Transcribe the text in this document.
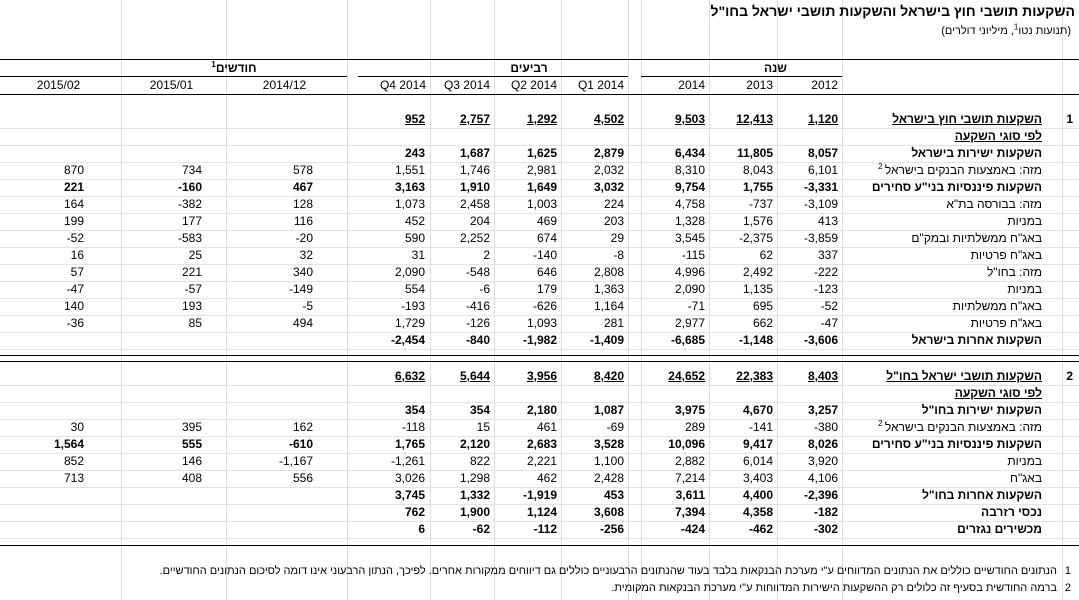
השקעות תושבי חוץ בישראל והשקעות תושבי ישראל בחו"ל
(תנועות נטו$^1$, מיליוני דולרים)
חודשים$^1$	רביעים	שנה
2012
2013
2014
Q1 2014
Q2 2014
Q3 2014
Q4 2014
2014/12
2015/01
2015/02
1
השקעות תושבי חוץ בישראל
1,120
12,413
9,503
4,502
1,292
2,757
952
לפי סוגי השקעה
השקעות ישירות בישראל
8,057
11,805
6,434
2,879
1,625
1,687
243
מזה: באמצעות הבנקים בישראל $^2$
6,101
8,043
8,310
2,032
2,981
1,746
1,551
578
734
870
השקעות פיננסיות בני"ע סחירים
-3,331
1,755
9,754
3,032
1,649
1,910
3,163
467
-160
221
מזה: בבורסה בת"א
-3,109
-737
4,758
224
1,003
2,458
1,073
128
-382
164
במניות
413
1,576
1,328
203
469
204
452
116
177
199
באג"ח ממשלתיות ובמק"ם
-3,859
-2,375
3,545
29
674
2,252
590
-20
-583
-52
באג"ח פרטיות
337
62
-115
-8
-140
2
31
32
25
16
מזה: בחו"ל
-222
2,492
4,996
2,808
646
-548
2,090
340
221
57
במניות
-123
1,135
2,090
1,363
179
-6
554
-149
-57
-47
באג"ח ממשלתיות
-52
695
-71
1,164
-626
-416
-193
-5
193
140
באג"ח פרטיות
-47
662
2,977
281
1,093
-126
1,729
494
85
-36
השקעות אחרות בישראל
-3,606
-1,148
-6,685
-1,409
-1,982
-840
-2,454
2
השקעות תושבי ישראל בחו"ל
8,403
22,383
24,652
8,420
3,956
5,644
6,632
לפי סוגי השקעה
השקעות ישירות בחו"ל
3,257
4,670
3,975
1,087
2,180
354
354
מזה: באמצעות הבנקים בישראל $^2$
-380
-141
289
-69
461
15
-118
162
395
30
השקעות פיננסיות בני"ע סחירים
8,026
9,417
10,096
3,528
2,683
2,120
1,765
-610
555
1,564
במניות
3,920
6,014
2,882
1,100
2,221
822
-1,261
-1,167
146
852
באג"ח
4,106
3,403
7,214
2,428
462
1,298
3,026
556
408
713
השקעות אחרות בחו"ל
-2,396
4,400
3,611
453
-1,919
1,332
3,745
נכסי רזרבה
-182
4,358
7,394
3,608
1,124
1,900
762
מכשירים נגזרים
-302
-462
-424
-256
-112
-62
6
1
הנתונים החודשיים כוללים את הנתונים המדווחים ע"י מערכת הבנקאות בלבד בעוד שהנתונים הרבעוניים כוללים גם דיווחים ממקורות אחרים. לפיכך, הנתון הרבעוני אינו דומה לסיכום הנתונים החודשיים.
2
ברמה החודשית בסעיף זה כלולים רק ההשקעות הישירות המדווחות ע"י מערכת הבנקאות המקומית.
